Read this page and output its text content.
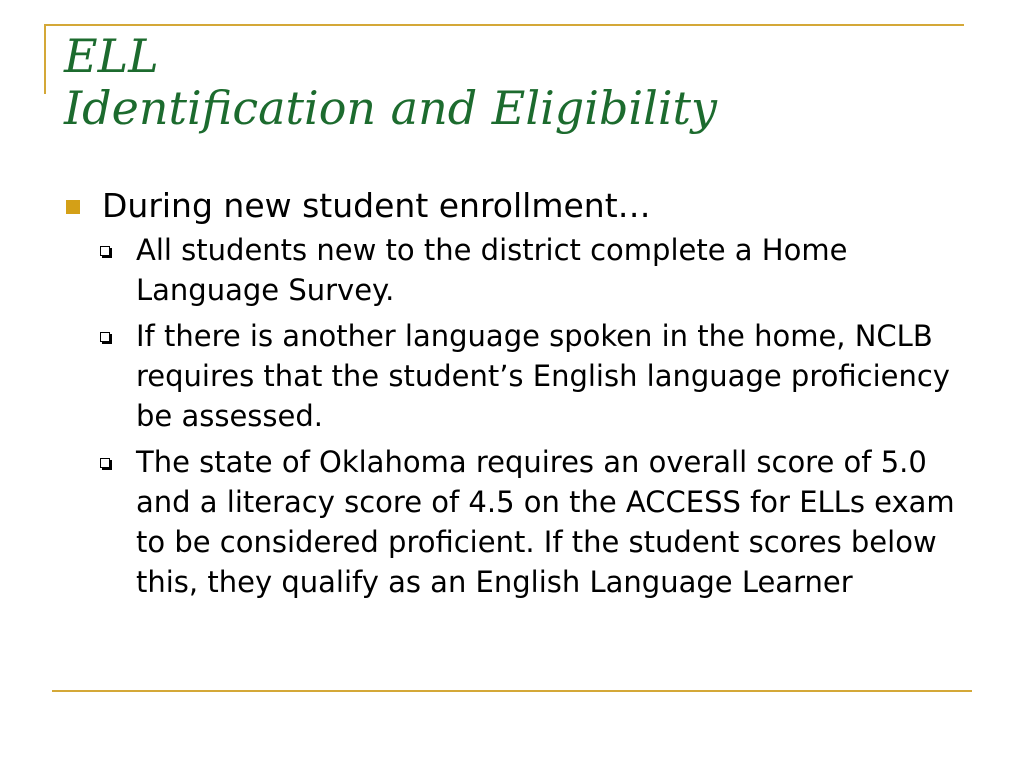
ELL
Identification and Eligibility
During new student enrollment…
All students new to the district complete a Home Language Survey.
If there is another language spoken in the home, NCLB requires that the student’s English language proficiency be assessed.
The state of Oklahoma requires an overall score of 5.0 and a literacy score of 4.5 on the ACCESS for ELLs exam to be considered proficient. If the student scores below this, they qualify as an English Language Learner
